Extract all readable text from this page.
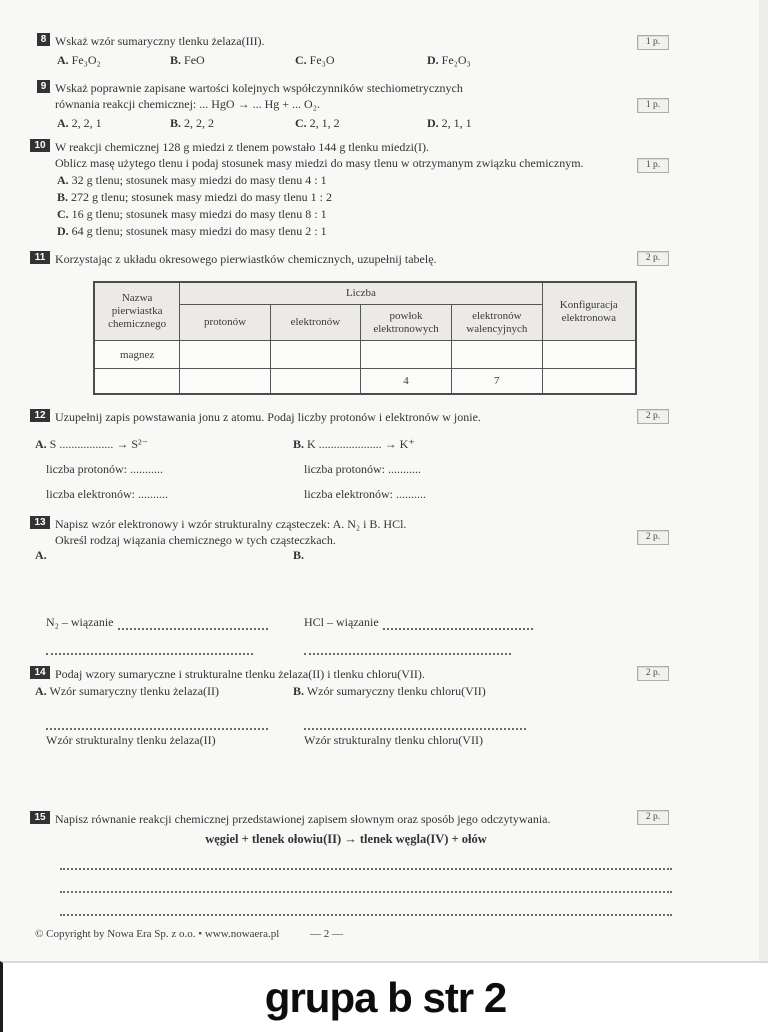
8 Wskaż wzór sumaryczny tlenku żelaza(III).
A. Fe₃O₂	B. FeO	C. Fe₃O	D. Fe₂O₃
1 p.
9 Wskaż poprawnie zapisane wartości kolejnych współczynników stechiometrycznych
równania reakcji chemicznej: ... HgO → ... Hg + ... O₂.
A. 2, 2, 1	B. 2, 2, 2	C. 2, 1, 2	D. 2, 1, 1
1 p.
10 W reakcji chemicznej 128 g miedzi z tlenem powstało 144 g tlenku miedzi(I).
Oblicz masę użytego tlenu i podaj stosunek masy miedzi do masy tlenu w otrzymanym związku chemicznym.
A. 32 g tlenu; stosunek masy miedzi do masy tlenu 4 : 1
B. 272 g tlenu; stosunek masy miedzi do masy tlenu 1 : 2
C. 16 g tlenu; stosunek masy miedzi do masy tlenu 8 : 1
D. 64 g tlenu; stosunek masy miedzi do masy tlenu 2 : 1
1 p.
11 Korzystając z układu okresowego pierwiastków chemicznych, uzupełnij tabelę.
Nazwa pierwiastka chemicznego	Liczba				Konfiguracja elektronowa
	protonów	elektronów	powłok elektronowych	elektronów walencyjnych	
magnez					
			4	7	
2 p.
12 Uzupełnij zapis powstawania jonu z atomu. Podaj liczby protonów i elektronów w jonie.
A. S .................. → S²⁻
liczba protonów: ...........
liczba elektronów: ..........
B. K ..................... → K⁺
liczba protonów: ...........
liczba elektronów: ..........
2 p.
13 Napisz wzór elektronowy i wzór strukturalny cząsteczek: A. N₂ i B. HCl.
Określ rodzaj wiązania chemicznego w tych cząsteczkach.
A.
N₂ – wiązanie
B.
HCl – wiązanie
2 p.
14 Podaj wzory sumaryczne i strukturalne tlenku żelaza(II) i tlenku chloru(VII).
A. Wzór sumaryczny tlenku żelaza(II)
Wzór strukturalny tlenku żelaza(II)
B. Wzór sumaryczny tlenku chloru(VII)
Wzór strukturalny tlenku chloru(VII)
2 p.
15 Napisz równanie reakcji chemicznej przedstawionej zapisem słownym oraz sposób jego odczytywania.
węgiel + tlenek ołowiu(II) → tlenek węgla(IV) + ołów
2 p.
© Copyright by Nowa Era Sp. z o.o. • www.nowaera.pl	— 2 —
grupa b str 2
